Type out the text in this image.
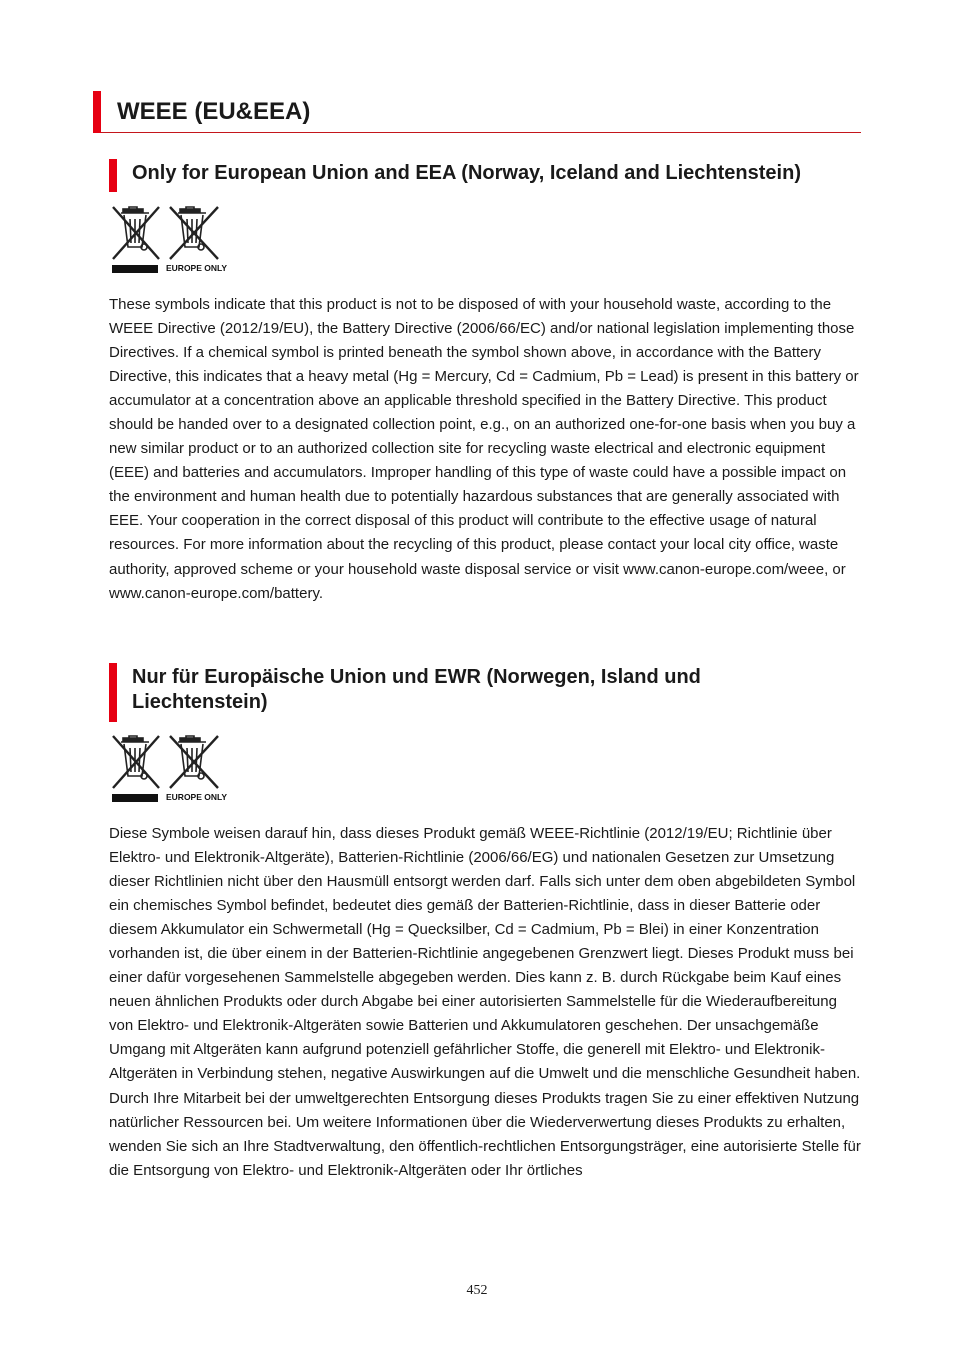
WEEE (EU&EEA)
Only for European Union and EEA (Norway, Iceland and Liechtenstein)
EUROPE ONLY

These symbols indicate that this product is not to be disposed of with your household waste, according to the WEEE Directive (2012/19/EU), the Battery Directive (2006/66/EC) and/or national legislation implementing those Directives. If a chemical symbol is printed beneath the symbol shown above, in accordance with the Battery Directive, this indicates that a heavy metal (Hg = Mercury, Cd = Cadmium, Pb = Lead) is present in this battery or accumulator at a concentration above an applicable threshold specified in the Battery Directive. This product should be handed over to a designated collection point, e.g., on an authorized one-for-one basis when you buy a new similar product or to an authorized collection site for recycling waste electrical and electronic equipment (EEE) and batteries and accumulators. Improper handling of this type of waste could have a possible impact on the environment and human health due to potentially hazardous substances that are generally associated with EEE. Your cooperation in the correct disposal of this product will contribute to the effective usage of natural resources. For more information about the recycling of this product, please contact your local city office, waste authority, approved scheme or your household waste disposal service or visit www.canon-europe.com/weee, or www.canon-europe.com/battery.

Nur für Europäische Union und EWR (Norwegen, Island und Liechtenstein)
EUROPE ONLY

Diese Symbole weisen darauf hin, dass dieses Produkt gemäß WEEE-Richtlinie (2012/19/EU; Richtlinie über Elektro- und Elektronik-Altgeräte), Batterien-Richtlinie (2006/66/EG) und nationalen Gesetzen zur Umsetzung dieser Richtlinien nicht über den Hausmüll entsorgt werden darf. Falls sich unter dem oben abgebildeten Symbol ein chemisches Symbol befindet, bedeutet dies gemäß der Batterien-Richtlinie, dass in dieser Batterie oder diesem Akkumulator ein Schwermetall (Hg = Quecksilber, Cd = Cadmium, Pb = Blei) in einer Konzentration vorhanden ist, die über einem in der Batterien-Richtlinie angegebenen Grenzwert liegt. Dieses Produkt muss bei einer dafür vorgesehenen Sammelstelle abgegeben werden. Dies kann z. B. durch Rückgabe beim Kauf eines neuen ähnlichen Produkts oder durch Abgabe bei einer autorisierten Sammelstelle für die Wiederaufbereitung von Elektro- und Elektronik-Altgeräten sowie Batterien und Akkumulatoren geschehen. Der unsachgemäße Umgang mit Altgeräten kann aufgrund potenziell gefährlicher Stoffe, die generell mit Elektro- und Elektronik-Altgeräten in Verbindung stehen, negative Auswirkungen auf die Umwelt und die menschliche Gesundheit haben. Durch Ihre Mitarbeit bei der umweltgerechten Entsorgung dieses Produkts tragen Sie zu einer effektiven Nutzung natürlicher Ressourcen bei. Um weitere Informationen über die Wiederverwertung dieses Produkts zu erhalten, wenden Sie sich an Ihre Stadtverwaltung, den öffentlich-rechtlichen Entsorgungsträger, eine autorisierte Stelle für die Entsorgung von Elektro- und Elektronik-Altgeräten oder Ihr örtliches

452
